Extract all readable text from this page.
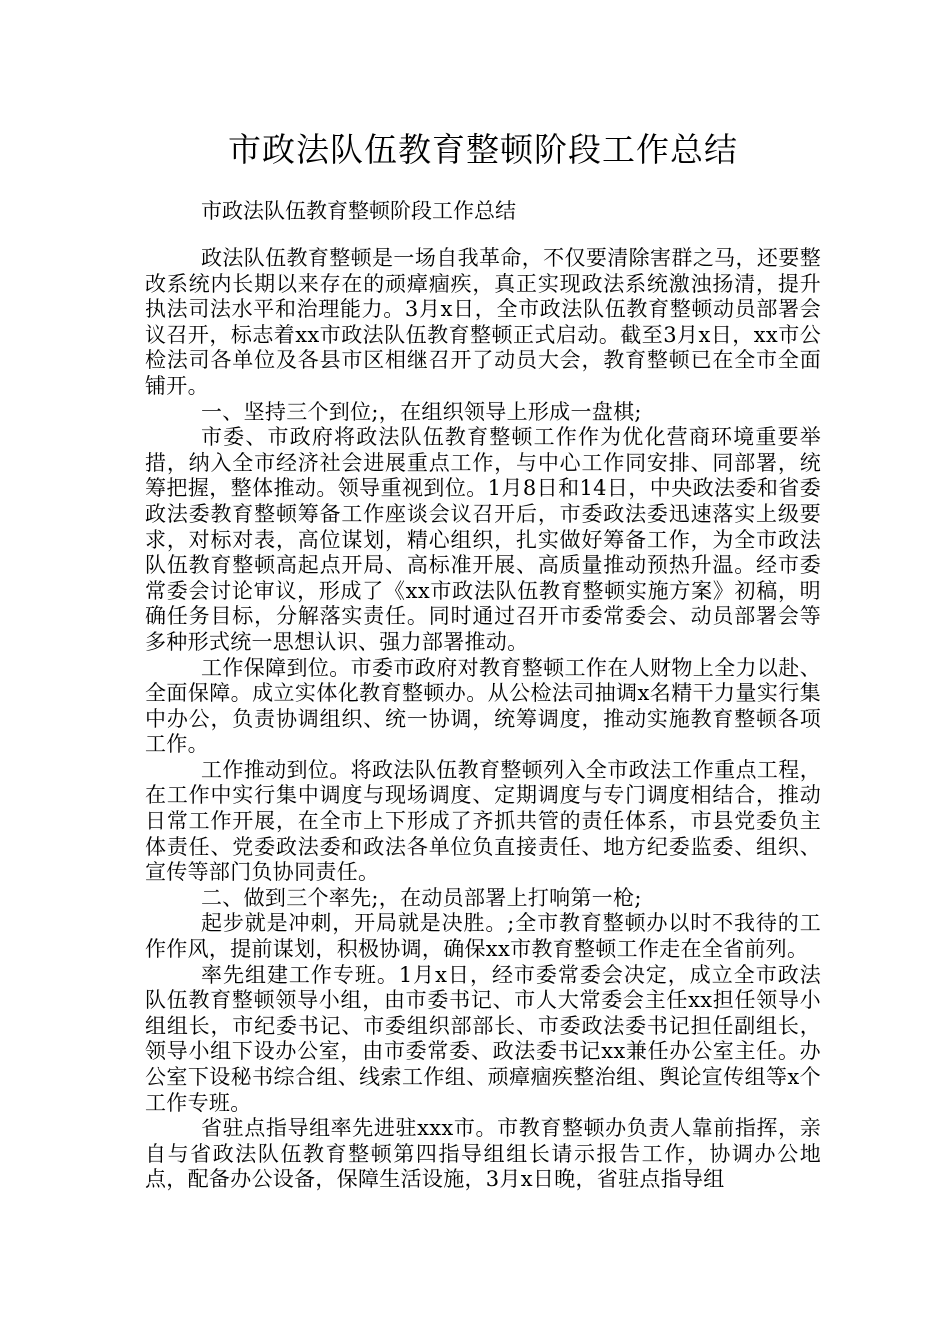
市政法队伍教育整顿阶段工作总结

市政法队伍教育整顿阶段工作总结

政法队伍教育整顿是一场自我革命，不仅要清除害群之马，还要整改系统内长期以来存在的顽瘴痼疾，真正实现政法系统激浊扬清，提升执法司法水平和治理能力。3月x日，全市政法队伍教育整顿动员部署会议召开，标志着xx市政法队伍教育整顿正式启动。截至3月x日，xx市公检法司各单位及各县市区相继召开了动员大会，教育整顿已在全市全面铺开。

一、坚持三个到位;，在组织领导上形成一盘棋;

市委、市政府将政法队伍教育整顿工作作为优化营商环境重要举措，纳入全市经济社会进展重点工作，与中心工作同安排、同部署，统筹把握，整体推动。领导重视到位。1月8日和14日，中央政法委和省委政法委教育整顿筹备工作座谈会议召开后，市委政法委迅速落实上级要求，对标对表，高位谋划，精心组织，扎实做好筹备工作，为全市政法队伍教育整顿高起点开局、高标准开展、高质量推动预热升温。经市委常委会讨论审议，形成了《xx市政法队伍教育整顿实施方案》初稿，明确任务目标，分解落实责任。同时通过召开市委常委会、动员部署会等多种形式统一思想认识、强力部署推动。

工作保障到位。市委市政府对教育整顿工作在人财物上全力以赴、全面保障。成立实体化教育整顿办。从公检法司抽调x名精干力量实行集中办公，负责协调组织、统一协调，统筹调度，推动实施教育整顿各项工作。

工作推动到位。将政法队伍教育整顿列入全市政法工作重点工程，在工作中实行集中调度与现场调度、定期调度与专门调度相结合，推动日常工作开展，在全市上下形成了齐抓共管的责任体系，市县党委负主体责任、党委政法委和政法各单位负直接责任、地方纪委监委、组织、宣传等部门负协同责任。

二、做到三个率先;，在动员部署上打响第一枪;

起步就是冲刺，开局就是决胜。;全市教育整顿办以时不我待的工作作风，提前谋划，积极协调，确保xx市教育整顿工作走在全省前列。

率先组建工作专班。1月x日，经市委常委会决定，成立全市政法队伍教育整顿领导小组，由市委书记、市人大常委会主任xx担任领导小组组长，市纪委书记、市委组织部部长、市委政法委书记担任副组长，领导小组下设办公室，由市委常委、政法委书记xx兼任办公室主任。办公室下设秘书综合组、线索工作组、顽瘴痼疾整治组、舆论宣传组等x个工作专班。

省驻点指导组率先进驻xxx市。市教育整顿办负责人靠前指挥，亲自与省政法队伍教育整顿第四指导组组长请示报告工作，协调办公地点，配备办公设备，保障生活设施，3月x日晚，省驻点指导组
